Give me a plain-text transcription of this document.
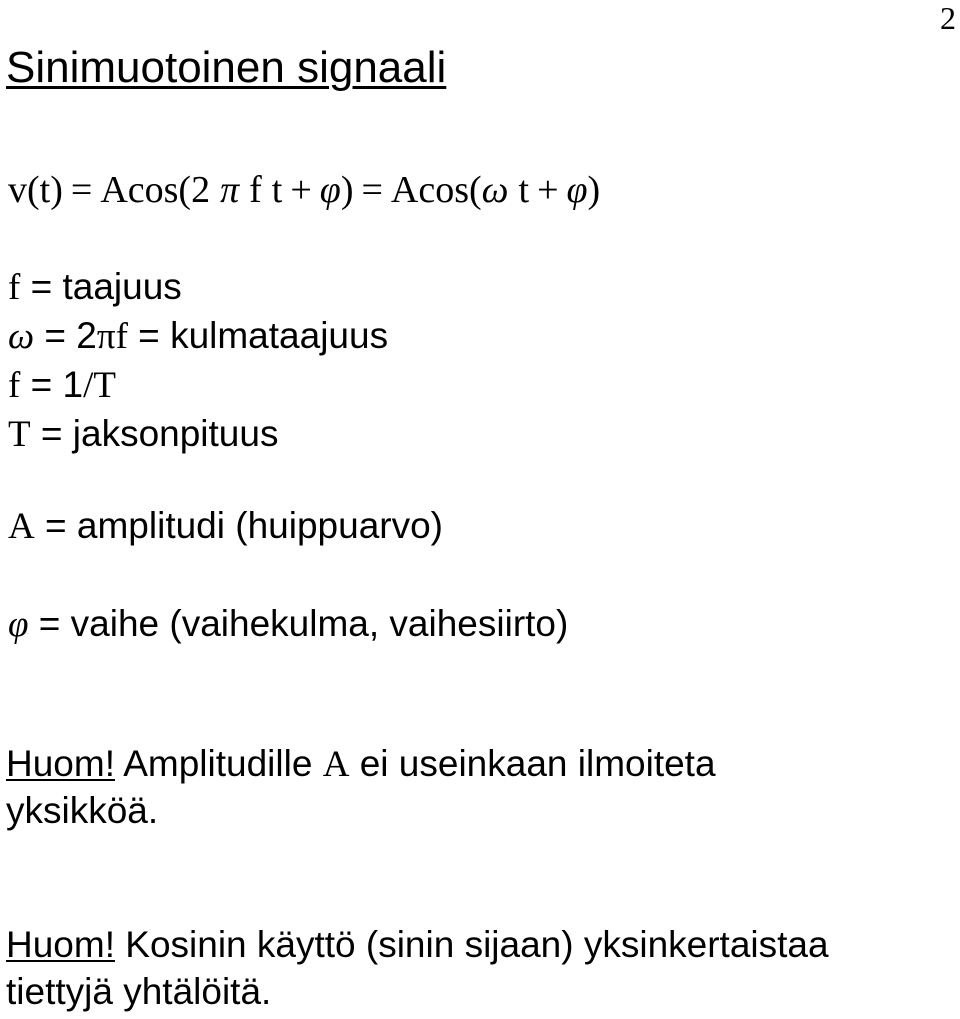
2
Sinimuotoinen signaali
v(t) = Acos(2 π f t + φ) = Acos(ω t + φ)
f = taajuus
ω = 2πf = kulmataajuus
f = 1/T
T = jaksonpituus
A = amplitudi (huippuarvo)
φ = vaihe (vaihekulma, vaihesiirto)
Huom! Amplitudille A ei useinkaan ilmoiteta
yksikköä.
Huom! Kosinin käyttö (sinin sijaan) yksinkertaistaa
tiettyjä yhtälöitä.
